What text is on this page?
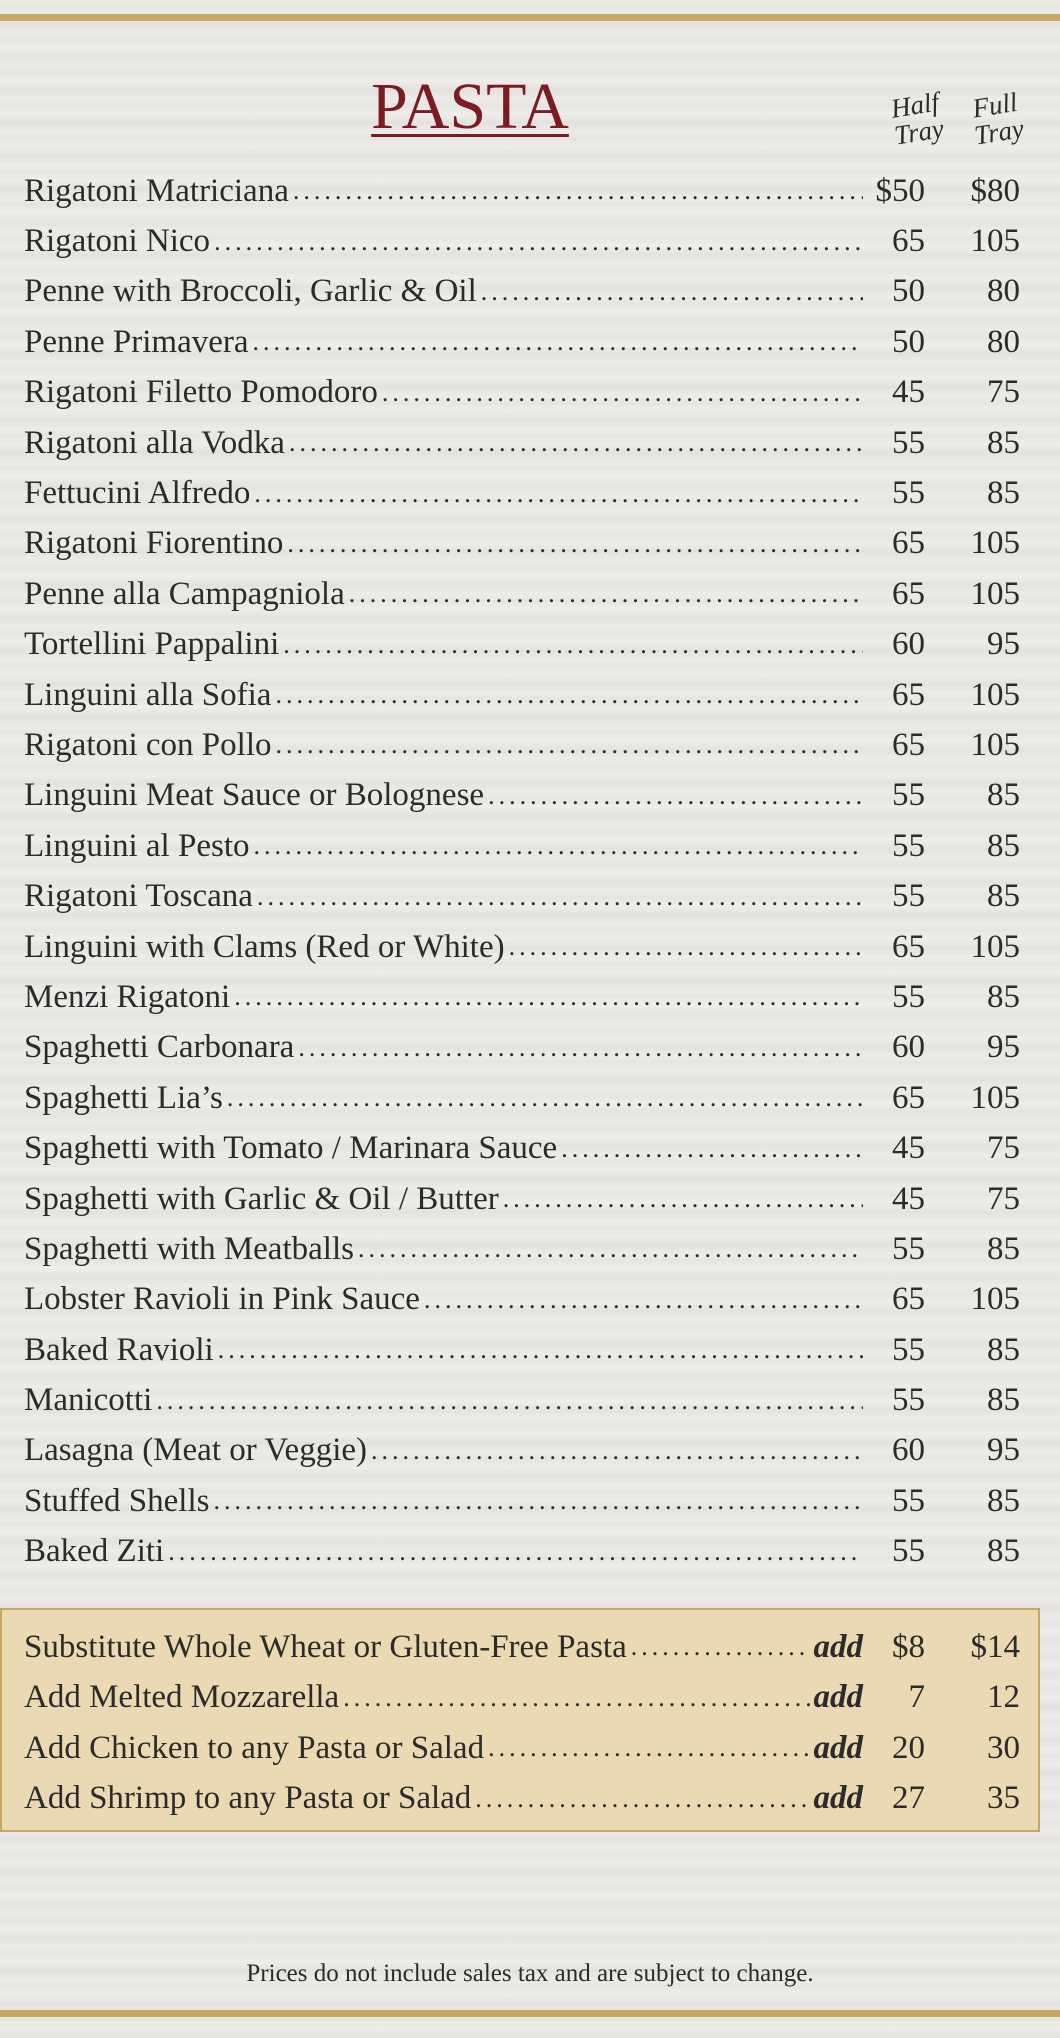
PASTA	Half
Tray
Full
Tray
Rigatoni Matriciana .....	$50	$80
Rigatoni Nico .....	65	105
Penne with Broccoli, Garlic & Oil .....	50	80
Penne Primavera .....	50	80
Rigatoni Filetto Pomodoro .....	45	75
Rigatoni alla Vodka .....	55	85
Fettucini Alfredo .....	55	85
Rigatoni Fiorentino .....	65	105
Penne alla Campagniola .....	65	105
Tortellini Pappalini .....	60	95
Linguini alla Sofia .....	65	105
Rigatoni con Pollo .....	65	105
Linguini Meat Sauce or Bolognese .....	55	85
Linguini al Pesto .....	55	85
Rigatoni Toscana .....	55	85
Linguini with Clams (Red or White) .....	65	105
Menzi Rigatoni .....	55	85
Spaghetti Carbonara .....	60	95
Spaghetti Lia’s .....	65	105
Spaghetti with Tomato / Marinara Sauce .....	45	75
Spaghetti with Garlic & Oil / Butter .....	45	75
Spaghetti with Meatballs .....	55	85
Lobster Ravioli in Pink Sauce .....	65	105
Baked Ravioli .....	55	85
Manicotti .....	55	85
Lasagna (Meat or Veggie) .....	60	95
Stuffed Shells .....	55	85
Baked Ziti .....	55	85
Substitute Whole Wheat or Gluten-Free Pasta .....	add $8	$14
Add Melted Mozzarella .....	add	7	12
Add Chicken to any Pasta or Salad .....	add 20	30
Add Shrimp to any Pasta or Salad .....	add 27	35
Prices do not include sales tax and are subject to change.
